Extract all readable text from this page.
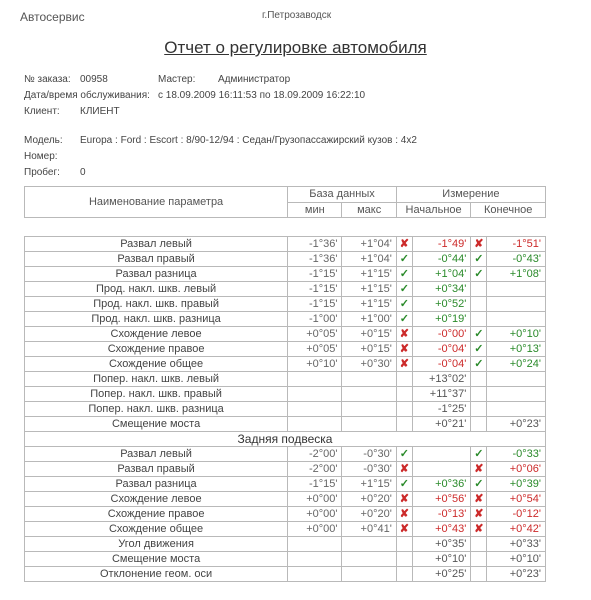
Автосервис	г.Петрозаводск
Отчет о регулировке автомобиля
№ заказа: 00958	Мастер: Администратор
Дата/время обслуживания: с 18.09.2009 16:11:53 по 18.09.2009 16:22:10
Клиент: КЛИЕНТ
Модель: Europa : Ford : Escort : 8/90-12/94 : Седан/Грузопассажирский кузов : 4x2
Номер:
Пробег: 0
Наименование параметра	База данных		Измерение			
	мин	макс	Начальное		Конечное	

Развал левый	-1°36'	+1°04'	✘	-1°49'	✘	-1°51'
Развал правый	-1°36'	+1°04'	✓	-0°44'	✓	-0°43'
Развал разница	-1°15'	+1°15'	✓	+1°04'	✓	+1°08'
Прод. накл. шкв. левый	-1°15'	+1°15'	✓	+0°34'		
Прод. накл. шкв. правый	-1°15'	+1°15'	✓	+0°52'		
Прод. накл. шкв. разница	-1°00'	+1°00'	✓	+0°19'		
Схождение левое	+0°05'	+0°15'	✘	-0°00'	✓	+0°10'
Схождение правое	+0°05'	+0°15'	✘	-0°04'	✓	+0°13'
Схождение общее	+0°10'	+0°30'	✘	-0°04'	✓	+0°24'
Попер. накл. шкв. левый				+13°02'		
Попер. накл. шкв. правый				+11°37'		
Попер. накл. шкв. разница				-1°25'		
Смещение моста				+0°21'		+0°23'
Задняя подвеска						
Развал левый	-2°00'	-0°30'	✓		✓	-0°33'
Развал правый	-2°00'	-0°30'	✘		✘	+0°06'
Развал разница	-1°15'	+1°15'	✓	+0°36'	✓	+0°39'
Схождение левое	+0°00'	+0°20'	✘	+0°56'	✘	+0°54'
Схождение правое	+0°00'	+0°20'	✘	-0°13'	✘	-0°12'
Схождение общее	+0°00'	+0°41'	✘	+0°43'	✘	+0°42'
Угол движения				+0°35'		+0°33'
Смещение моста				+0°10'		+0°10'
Отклонение геом. оси				+0°25'		+0°23'
